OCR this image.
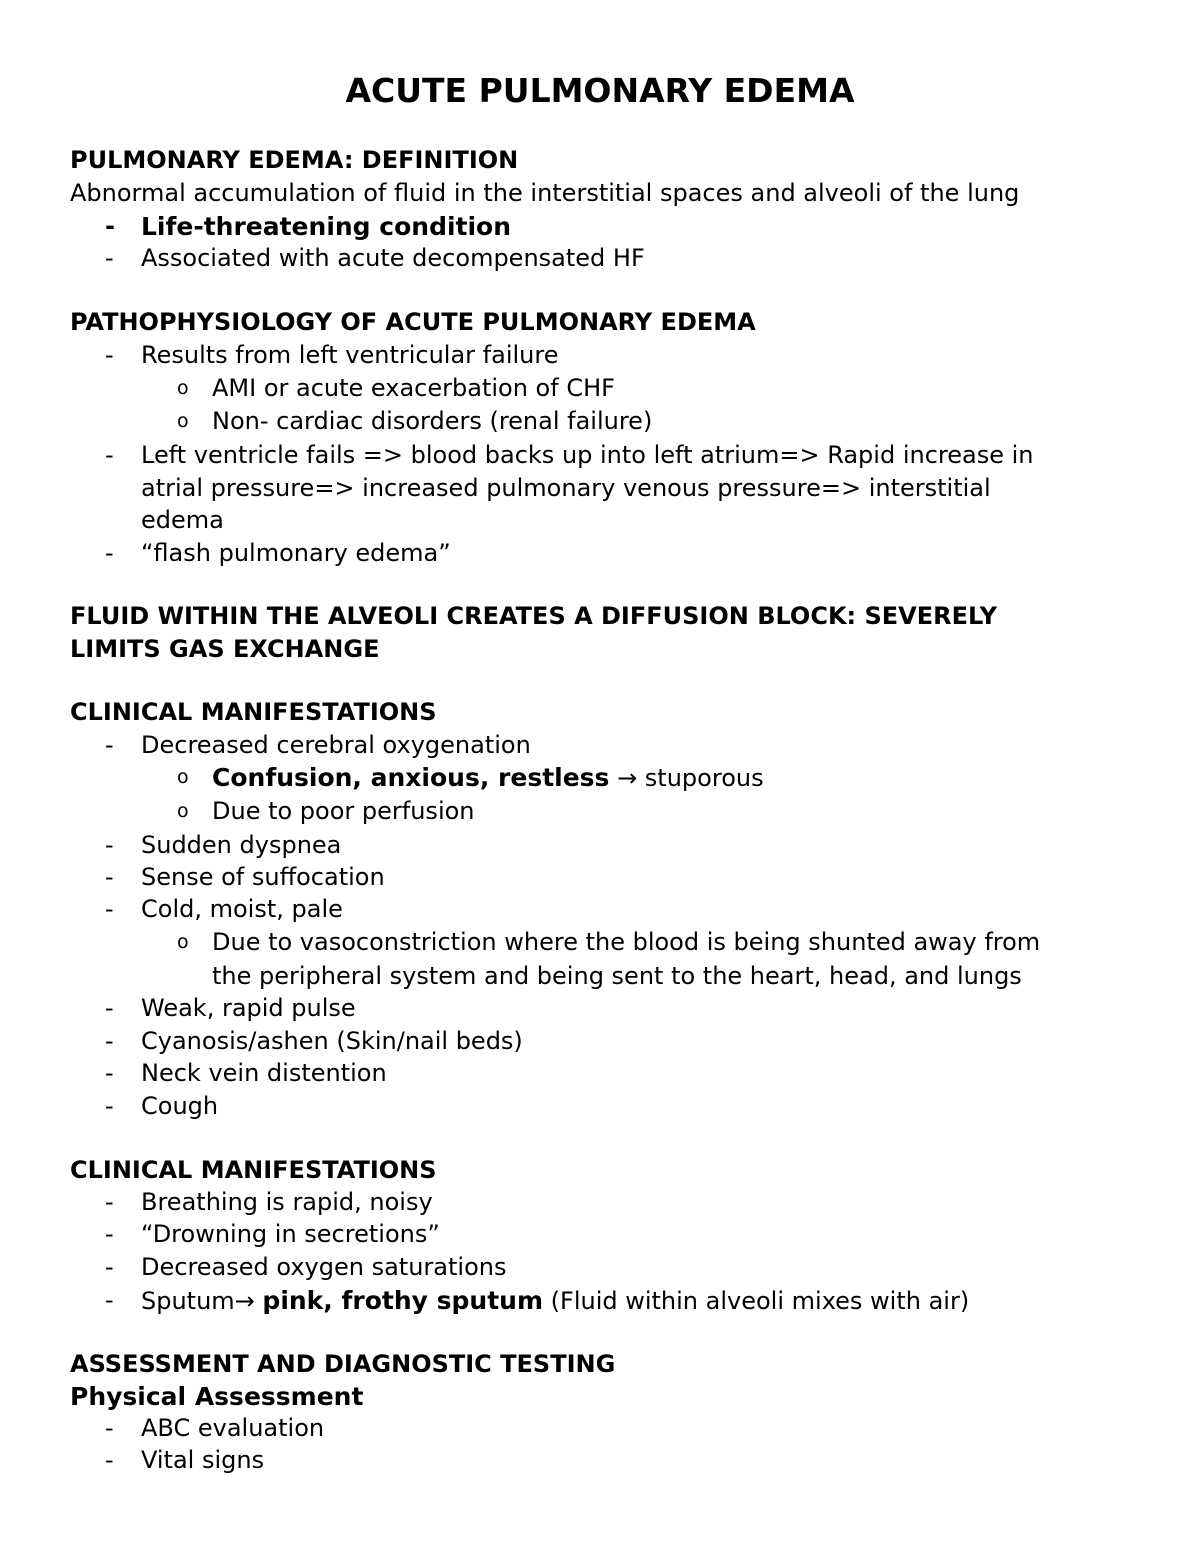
ACUTE PULMONARY EDEMA
PULMONARY EDEMA: DEFINITION
Abnormal accumulation of fluid in the interstitial spaces and alveoli of the lung
- Life-threatening condition
- Associated with acute decompensated HF
PATHOPHYSIOLOGY OF ACUTE PULMONARY EDEMA
- Results from left ventricular failure
o AMI or acute exacerbation of CHF
o Non- cardiac disorders (renal failure)
- Left ventricle fails => blood backs up into left atrium=> Rapid increase in
atrial pressure=> increased pulmonary venous pressure=> interstitial
edema
- “flash pulmonary edema”
FLUID WITHIN THE ALVEOLI CREATES A DIFFUSION BLOCK: SEVERELY
LIMITS GAS EXCHANGE
CLINICAL MANIFESTATIONS
- Decreased cerebral oxygenation
o Confusion, anxious, restless → stuporous
o Due to poor perfusion
- Sudden dyspnea
- Sense of suffocation
- Cold, moist, pale
o Due to vasoconstriction where the blood is being shunted away from
the peripheral system and being sent to the heart, head, and lungs
- Weak, rapid pulse
- Cyanosis/ashen (Skin/nail beds)
- Neck vein distention
- Cough
CLINICAL MANIFESTATIONS
- Breathing is rapid, noisy
- “Drowning in secretions”
- Decreased oxygen saturations
- Sputum→ pink, frothy sputum (Fluid within alveoli mixes with air)
ASSESSMENT AND DIAGNOSTIC TESTING
Physical Assessment
- ABC evaluation
- Vital signs
